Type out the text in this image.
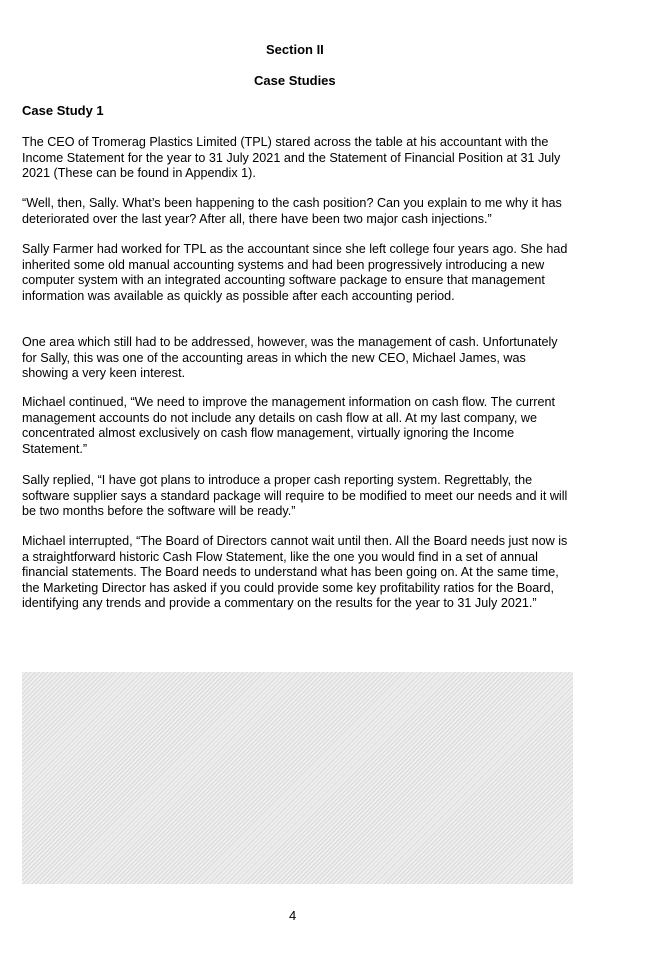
Section II
Case Studies
Case Study 1

The CEO of Tromerag Plastics Limited (TPL) stared across the table at his accountant with the Income Statement for the year to 31 July 2021 and the Statement of Financial Position at 31 July 2021 (These can be found in Appendix 1).

“Well, then, Sally. What’s been happening to the cash position? Can you explain to me why it has deteriorated over the last year? After all, there have been two major cash injections.”

Sally Farmer had worked for TPL as the accountant since she left college four years ago. She had inherited some old manual accounting systems and had been progressively introducing a new computer system with an integrated accounting software package to ensure that management information was available as quickly as possible after each accounting period.

One area which still had to be addressed, however, was the management of cash. Unfortunately for Sally, this was one of the accounting areas in which the new CEO, Michael James, was showing a very keen interest.

Michael continued, “We need to improve the management information on cash flow. The current management accounts do not include any details on cash flow at all. At my last company, we concentrated almost exclusively on cash flow management, virtually ignoring the Income Statement.”

Sally replied, “I have got plans to introduce a proper cash reporting system. Regrettably, the software supplier says a standard package will require to be modified to meet our needs and it will be two months before the software will be ready.”

Michael interrupted, “The Board of Directors cannot wait until then. All the Board needs just now is a straightforward historic Cash Flow Statement, like the one you would find in a set of annual financial statements. The Board needs to understand what has been going on. At the same time, the Marketing Director has asked if you could provide some key profitability ratios for the Board, identifying any trends and provide a commentary on the results for the year to 31 July 2021.”

4
